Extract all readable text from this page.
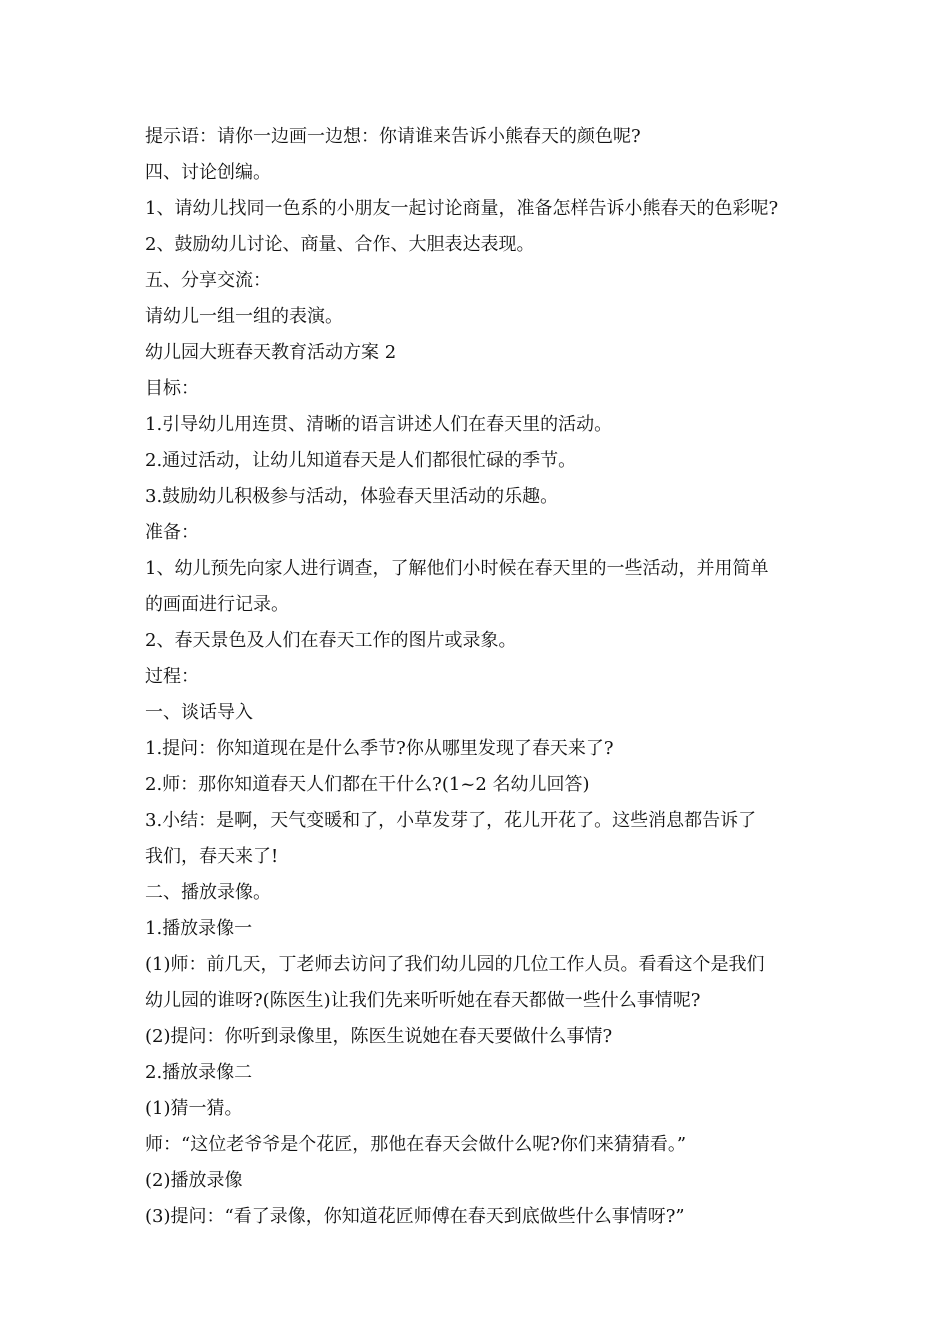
提示语：请你一边画一边想：你请谁来告诉小熊春天的颜色呢?
四、讨论创编。
1、请幼儿找同一色系的小朋友一起讨论商量，准备怎样告诉小熊春天的色彩呢?
2、鼓励幼儿讨论、商量、合作、大胆表达表现。
五、分享交流：
请幼儿一组一组的表演。
幼儿园大班春天教育活动方案 2
目标：
1.引导幼儿用连贯、清晰的语言讲述人们在春天里的活动。
2.通过活动，让幼儿知道春天是人们都很忙碌的季节。
3.鼓励幼儿积极参与活动，体验春天里活动的乐趣。
准备：
1、幼儿预先向家人进行调查，了解他们小时候在春天里的一些活动，并用简单
的画面进行记录。
2、春天景色及人们在春天工作的图片或录象。
过程：
一、谈话导入
1.提问：你知道现在是什么季节?你从哪里发现了春天来了?
2.师：那你知道春天人们都在干什么?(1~2 名幼儿回答)
3.小结：是啊，天气变暖和了，小草发芽了，花儿开花了。这些消息都告诉了
我们，春天来了!
二、播放录像。
1.播放录像一
(1)师：前几天，丁老师去访问了我们幼儿园的几位工作人员。看看这个是我们
幼儿园的谁呀?(陈医生)让我们先来听听她在春天都做一些什么事情呢?
(2)提问：你听到录像里，陈医生说她在春天要做什么事情?
2.播放录像二
(1)猜一猜。
师：“这位老爷爷是个花匠，那他在春天会做什么呢?你们来猜猜看。”
(2)播放录像
(3)提问：“看了录像，你知道花匠师傅在春天到底做些什么事情呀?”
